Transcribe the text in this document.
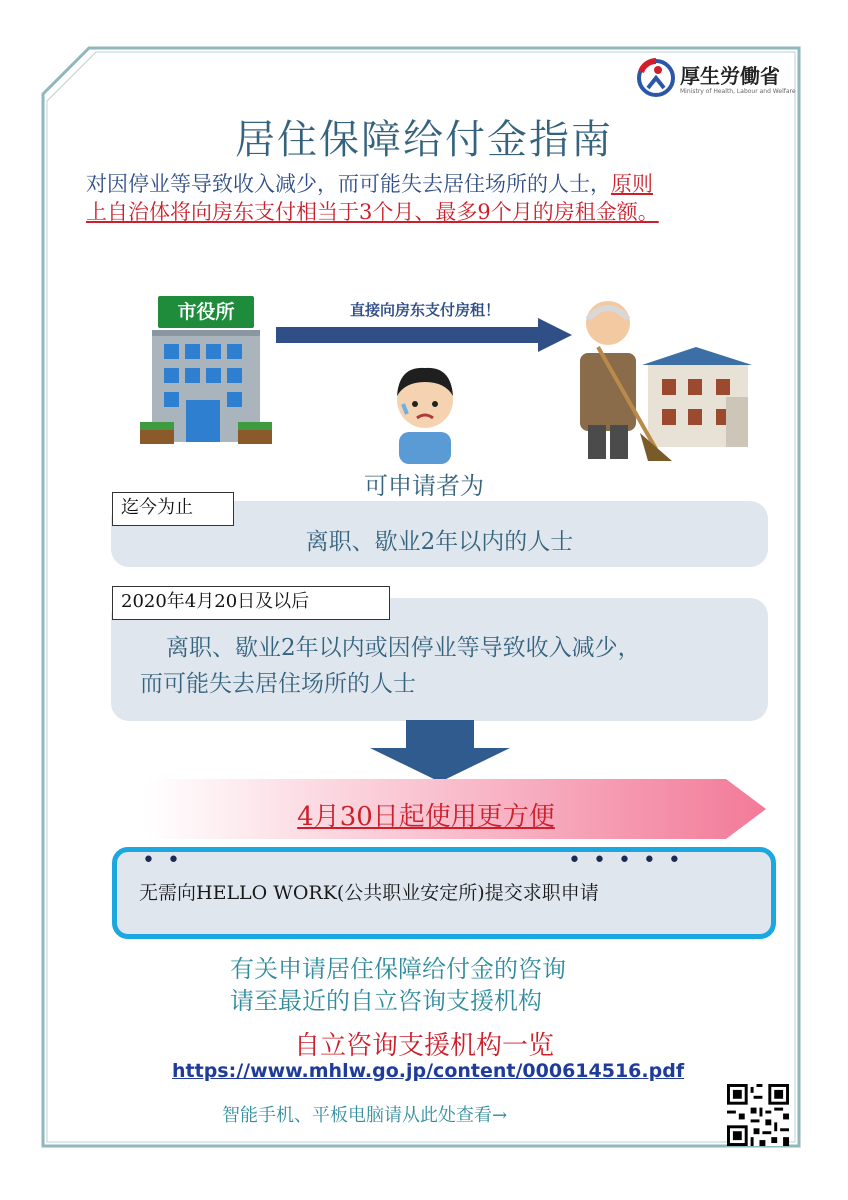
厚生労働省
Ministry of Health, Labour and Welfare
居住保障给付金指南
对因停业等导致收入减少，而可能失去居住场所的人士，原则
上自治体将向房东支付相当于3个月、最多9个月的房租金额。
市役所	直接向房东支付房租！
可申请者为
迄今为止
离职、歇业2年以内的人士
2020年4月20日及以后
离职、歇业2年以内或因停业等导致收入减少，
而可能失去居住场所的人士
4月30日起使用更方便
••	•••••
无需向HELLO WORK(公共职业安定所)提交求职申请
有关申请居住保障给付金的咨询
请至最近的自立咨询支援机构
自立咨询支援机构一览
https://www.mhlw.go.jp/content/000614516.pdf
智能手机、平板电脑请从此处查看→
